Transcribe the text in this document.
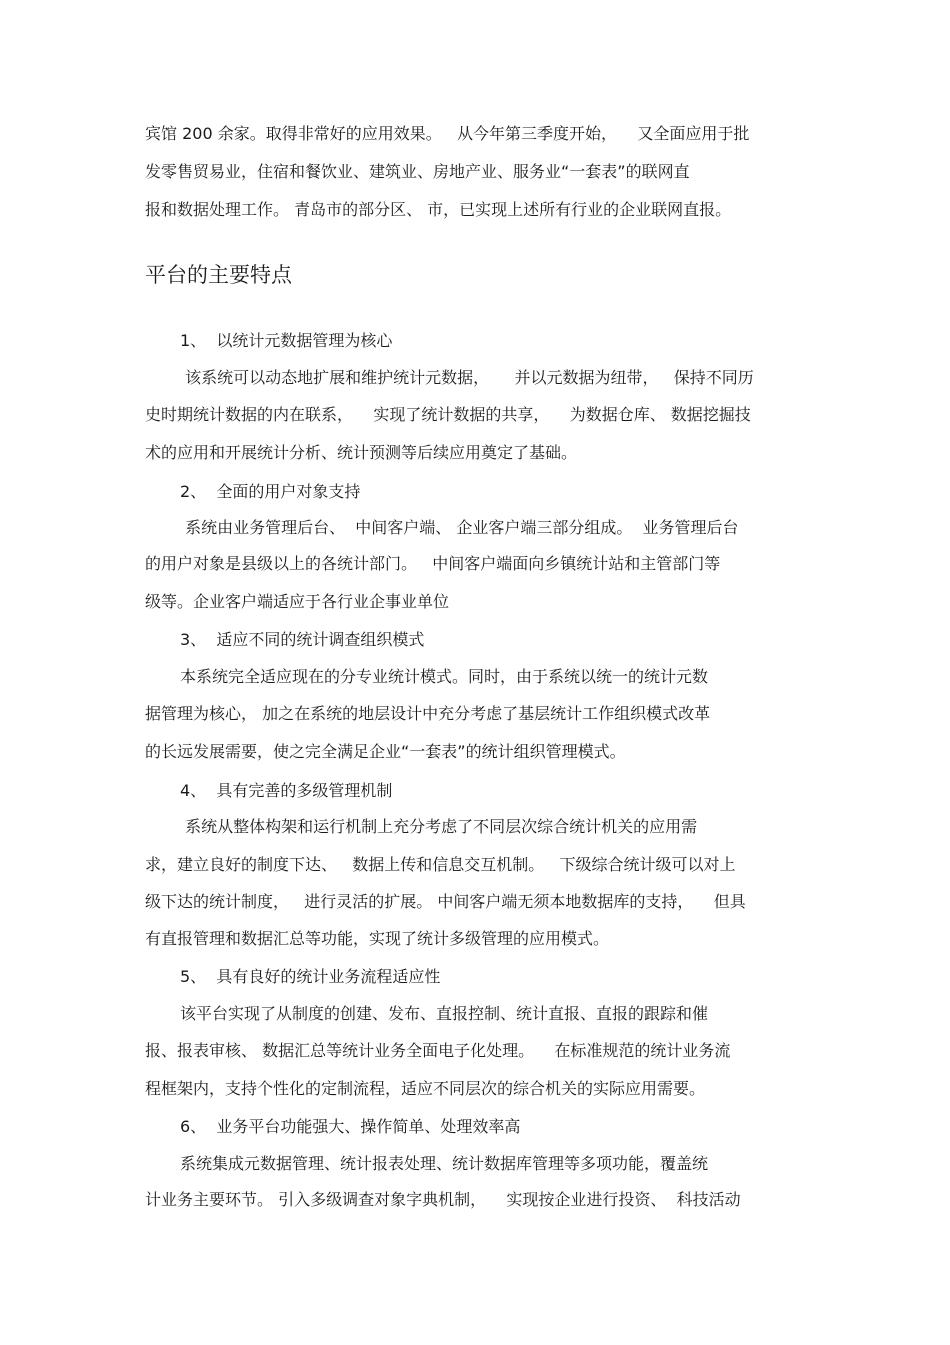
宾馆 200 余家。取得非常好的应用效果。   从今年第三季度开始，    又全面应用于批
发零售贸易业，住宿和餐饮业、建筑业、房地产业、服务业“一套表”的联网直
报和数据处理工作。 青岛市的部分区、 市，已实现上述所有行业的企业联网直报。
平台的主要特点
1、  以统计元数据管理为核心
该系统可以动态地扩展和维护统计元数据，     并以元数据为纽带，   保持不同历
史时期统计数据的内在联系，    实现了统计数据的共享，    为数据仓库、 数据挖掘技
术的应用和开展统计分析、统计预测等后续应用奠定了基础。
2、  全面的用户对象支持
系统由业务管理后台、  中间客户端、 企业客户端三部分组成。  业务管理后台
的用户对象是县级以上的各统计部门。   中间客户端面向乡镇统计站和主管部门等
级等。企业客户端适应于各行业企事业单位
3、  适应不同的统计调查组织模式
本系统完全适应现在的分专业统计模式。同时，由于系统以统一的统计元数
据管理为核心， 加之在系统的地层设计中充分考虑了基层统计工作组织模式改革
的长远发展需要，使之完全满足企业“一套表”的统计组织管理模式。
4、  具有完善的多级管理机制
系统从整体构架和运行机制上充分考虑了不同层次综合统计机关的应用需
求，建立良好的制度下达、   数据上传和信息交互机制。   下级综合统计级可以对上
级下达的统计制度，   进行灵活的扩展。 中间客户端无须本地数据库的支持，    但具
有直报管理和数据汇总等功能，实现了统计多级管理的应用模式。
5、  具有良好的统计业务流程适应性
该平台实现了从制度的创建、发布、直报控制、统计直报、直报的跟踪和催
报、报表审核、 数据汇总等统计业务全面电子化处理。    在标准规范的统计业务流
程框架内，支持个性化的定制流程，适应不同层次的综合机关的实际应用需要。
6、  业务平台功能强大、操作简单、处理效率高
系统集成元数据管理、统计报表处理、统计数据库管理等多项功能，覆盖统
计业务主要环节。 引入多级调查对象字典机制，    实现按企业进行投资、  科技活动
